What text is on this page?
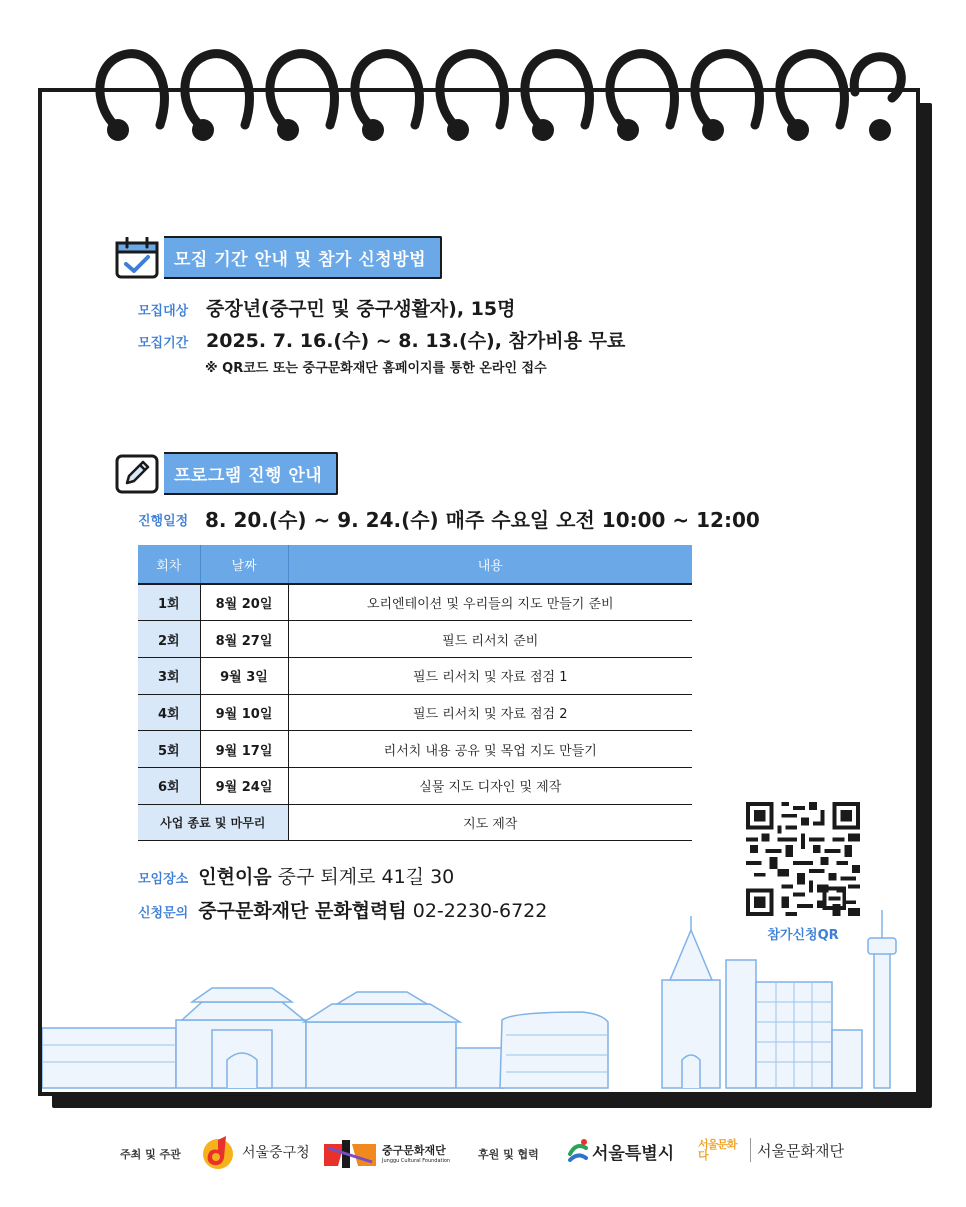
모집 기간 안내 및 참가 신청방법
모집대상 중장년(중구민 및 중구생활자), 15명
모집기간 2025. 7. 16.(수) ~ 8. 13.(수), 참가비용 무료
※ QR코드 또는 중구문화재단 홈페이지를 통한 온라인 접수
프로그램 진행 안내
진행일정 8. 20.(수) ~ 9. 24.(수) 매주 수요일 오전 10:00 ~ 12:00
회차	날짜	내용
1회	8월 20일	오리엔테이션 및 우리들의 지도 만들기 준비
2회	8월 27일	필드 리서치 준비
3회	9월 3일	필드 리서치 및 자료 점검 1
4회	9월 10일	필드 리서치 및 자료 점검 2
5회	9월 17일	리서치 내용 공유 및 목업 지도 만들기
6회	9월 24일	실물 지도 디자인 및 제작
사업 종료 및 마무리		지도 제작
모임장소 인현이음 중구 퇴계로 41길 30
신청문의 중구문화재단 문화협력팀 02-2230-6722
참가신청QR
주최 및 주관	서울중구청	중구문화재단
Junggu Cultural Foundation	후원 및 협력	서울특별시 서울문화다	서울문화재단
